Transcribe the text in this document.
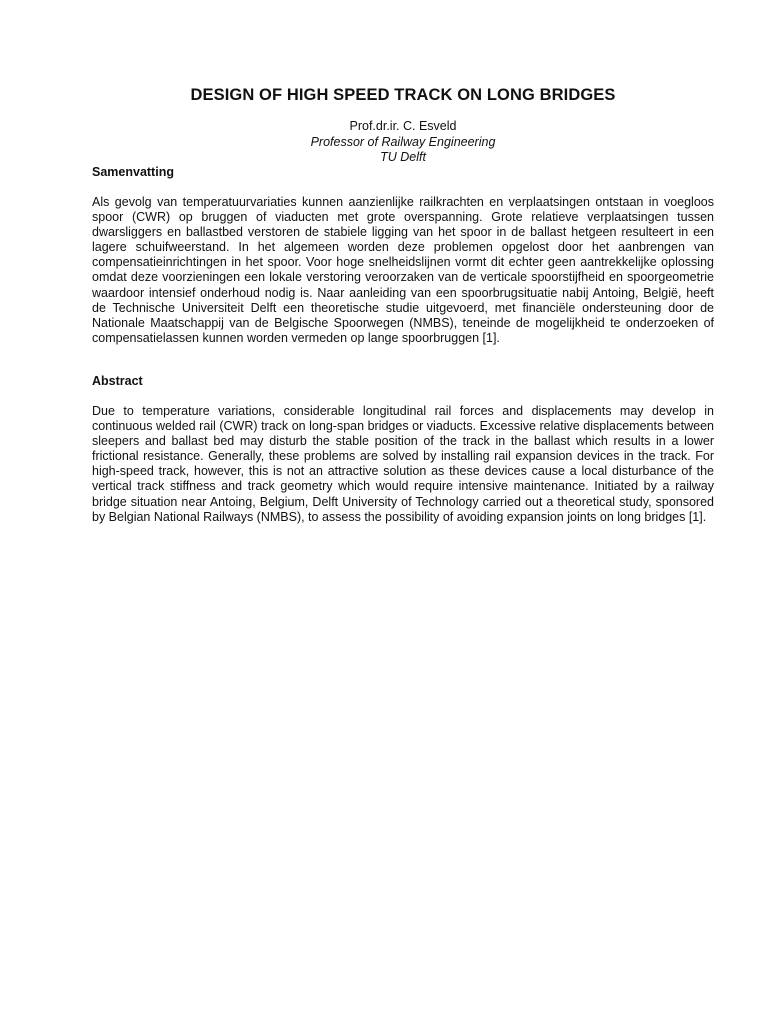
DESIGN OF HIGH SPEED TRACK ON LONG BRIDGES
Prof.dr.ir. C. Esveld
Professor of Railway Engineering
TU Delft
Samenvatting

Als gevolg van temperatuurvariaties kunnen aanzienlijke railkrachten en verplaatsingen ontstaan in voegloos spoor (CWR) op bruggen of viaducten met grote overspanning. Grote relatieve verplaatsingen tussen dwarsliggers en ballastbed verstoren de stabiele ligging van het spoor in de ballast hetgeen resulteert in een lagere schuifweerstand. In het algemeen worden deze problemen opgelost door het aanbrengen van compensatieinrichtingen in het spoor. Voor hoge snelheidslijnen vormt dit echter geen aantrekkelijke oplossing omdat deze voorzieningen een lokale verstoring veroorzaken van de verticale spoorstijfheid en spoorgeometrie waardoor intensief onderhoud nodig is. Naar aanleiding van een spoorbrugsituatie nabij Antoing, België, heeft de Technische Universiteit Delft een theoretische studie uitgevoerd, met financiële ondersteuning door de Nationale Maatschappij van de Belgische Spoorwegen (NMBS), teneinde de mogelijkheid te onderzoeken of compensatielassen kunnen worden vermeden op lange spoorbruggen [1].

Abstract

Due to temperature variations, considerable longitudinal rail forces and displacements may develop in continuous welded rail (CWR) track on long-span bridges or viaducts. Excessive relative displacements between sleepers and ballast bed may disturb the stable position of the track in the ballast which results in a lower frictional resistance. Generally, these problems are solved by installing rail expansion devices in the track. For high-speed track, however, this is not an attractive solution as these devices cause a local disturbance of the vertical track stiffness and track geometry which would require intensive maintenance. Initiated by a railway bridge situation near Antoing, Belgium, Delft University of Technology carried out a theoretical study, sponsored by Belgian National Railways (NMBS), to assess the possibility of avoiding expansion joints on long bridges [1].
